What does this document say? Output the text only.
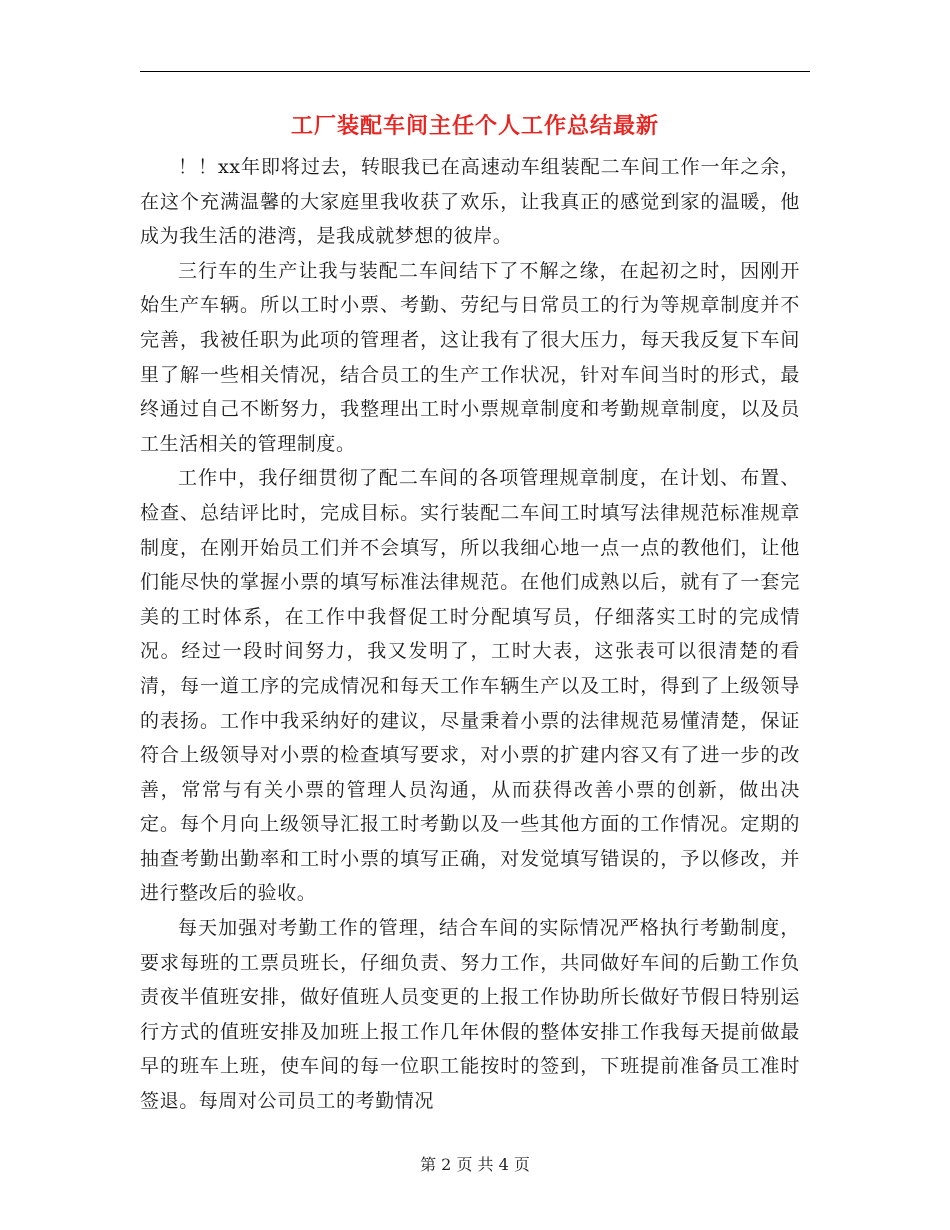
工厂装配车间主任个人工作总结最新

！！xx年即将过去，转眼我已在高速动车组装配二车间工作一年之余，在这个充满温馨的大家庭里我收获了欢乐，让我真正的感觉到家的温暖，他成为我生活的港湾，是我成就梦想的彼岸。

三行车的生产让我与装配二车间结下了不解之缘，在起初之时，因刚开始生产车辆。所以工时小票、考勤、劳纪与日常员工的行为等规章制度并不完善，我被任职为此项的管理者，这让我有了很大压力，每天我反复下车间里了解一些相关情况，结合员工的生产工作状况，针对车间当时的形式，最终通过自己不断努力，我整理出工时小票规章制度和考勤规章制度，以及员工生活相关的管理制度。

工作中，我仔细贯彻了配二车间的各项管理规章制度，在计划、布置、检查、总结评比时，完成目标。实行装配二车间工时填写法律规范标准规章制度，在刚开始员工们并不会填写，所以我细心地一点一点的教他们，让他们能尽快的掌握小票的填写标准法律规范。在他们成熟以后，就有了一套完美的工时体系，在工作中我督促工时分配填写员，仔细落实工时的完成情况。经过一段时间努力，我又发明了，工时大表，这张表可以很清楚的看清，每一道工序的完成情况和每天工作车辆生产以及工时，得到了上级领导的表扬。工作中我采纳好的建议，尽量秉着小票的法律规范易懂清楚，保证符合上级领导对小票的检查填写要求，对小票的扩建内容又有了进一步的改善，常常与有关小票的管理人员沟通，从而获得改善小票的创新，做出决定。每个月向上级领导汇报工时考勤以及一些其他方面的工作情况。定期的抽查考勤出勤率和工时小票的填写正确，对发觉填写错误的，予以修改，并进行整改后的验收。

每天加强对考勤工作的管理，结合车间的实际情况严格执行考勤制度，要求每班的工票员班长，仔细负责、努力工作，共同做好车间的后勤工作负责夜半值班安排，做好值班人员变更的上报工作协助所长做好节假日特别运行方式的值班安排及加班上报工作几年休假的整体安排工作我每天提前做最早的班车上班，使车间的每一位职工能按时的签到，下班提前准备员工准时签退。每周对公司员工的考勤情况

第 2 页 共 4 页
